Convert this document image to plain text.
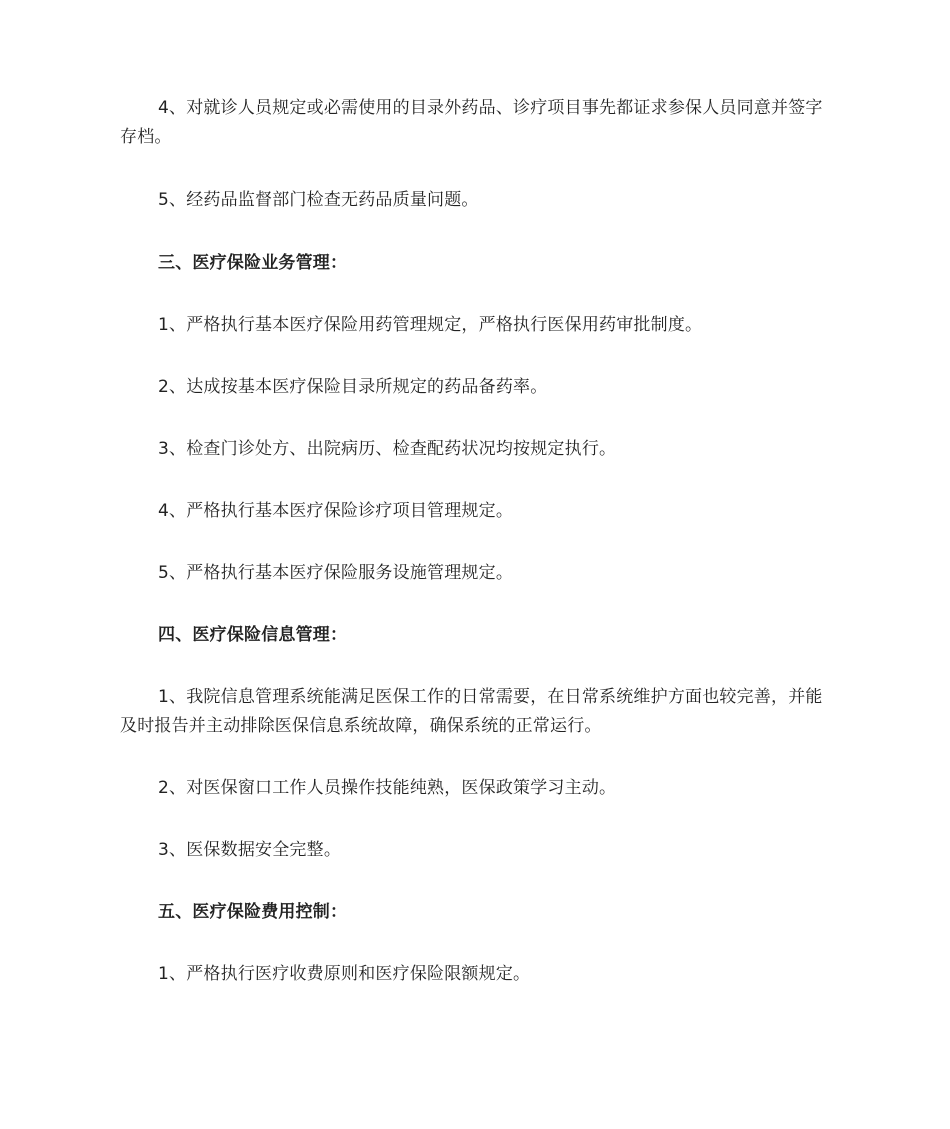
4、对就诊人员规定或必需使用的目录外药品、诊疗项目事先都证求参保人员同意并签字存档。

5、经药品监督部门检查无药品质量问题。

三、医疗保险业务管理：

1、严格执行基本医疗保险用药管理规定，严格执行医保用药审批制度。

2、达成按基本医疗保险目录所规定的药品备药率。

3、检查门诊处方、出院病历、检查配药状况均按规定执行。

4、严格执行基本医疗保险诊疗项目管理规定。

5、严格执行基本医疗保险服务设施管理规定。

四、医疗保险信息管理：

1、我院信息管理系统能满足医保工作的日常需要，在日常系统维护方面也较完善，并能及时报告并主动排除医保信息系统故障，确保系统的正常运行。

2、对医保窗口工作人员操作技能纯熟，医保政策学习主动。

3、医保数据安全完整。

五、医疗保险费用控制：

1、严格执行医疗收费原则和医疗保险限额规定。
